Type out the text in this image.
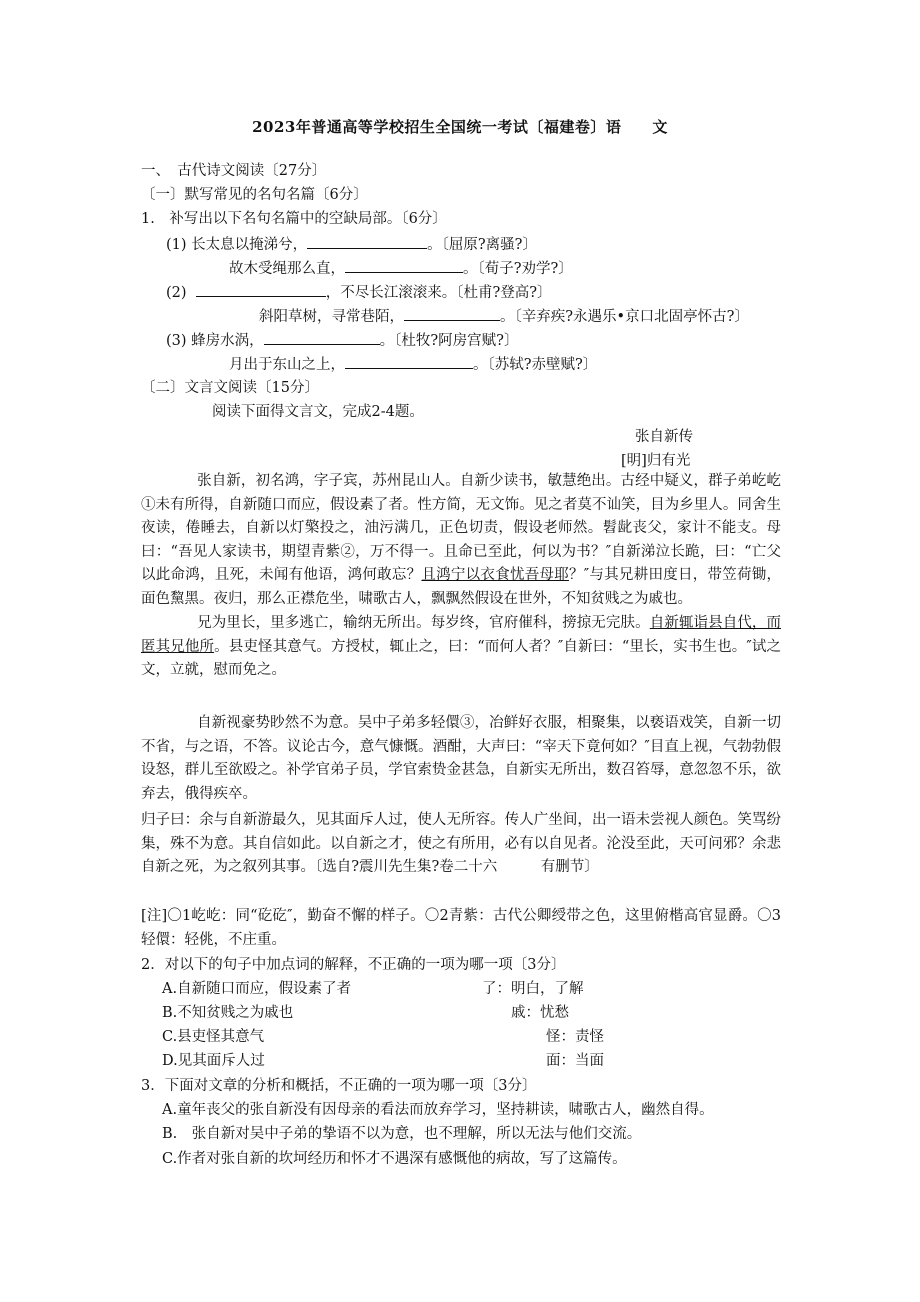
2023年普通高等学校招生全国统一考试〔福建卷〕语　　文
一、　古代诗文阅读〔27分〕
〔一〕默写常见的名句名篇〔6分〕
1.　补写出以下名句名篇中的空缺局部。〔6分〕
(1) 长太息以掩涕兮，	。〔屈原?离骚?〕
故木受绳那么直，	。〔荀子?劝学?〕
(2)	，不尽长江滚滚来。〔杜甫?登高?〕
斜阳草树，寻常巷陌，	。〔辛弃疾?永遇乐•京口北固亭怀古?〕
(3) 蜂房水涡，	。〔杜牧?阿房宫赋?〕
月出于东山之上，	。〔苏轼?赤壁赋?〕
〔二〕文言文阅读〔15分〕
阅读下面得文言文，完成2-4题。
张自新传
[明]归有光
张自新，初名鸿，字子宾，苏州昆山人。自新少读书，敏慧绝出。古经中疑义，群子弟屹屹①未有所得，自新随口而应，假设素了者。性方简，无文饰。见之者莫不讪笑，目为乡里人。同舍生夜读，倦睡去，自新以灯檠投之，油污满几，正色切责，假设老师然。髫龀丧父，家计不能支。母曰：“吾见人家读书，期望青紫②，万不得一。且命已至此，何以为书？″自新涕泣长跪，曰：“亡父以此命鸿，且死，未闻有他语，鸿何敢忘？且鸿宁以衣食忧吾母耶？″与其兄耕田度日，带笠荷锄，面色黧黑。夜归，那么正襟危坐，啸歌古人，飘飘然假设在世外，不知贫贱之为戚也。
兄为里长，里多逃亡，输纳无所出。每岁终，官府催科，搒掠无完肤。自新辄诣县自代，而匿其兄他所。县吏怪其意气。方授杖，辄止之，曰：“而何人者？″自新曰：“里长，实书生也。″试之文，立就，慰而免之。
自新视豪势眇然不为意。吴中子弟多轻儇③，冶鲜好衣服，相聚集，以亵语戏笑，自新一切不省，与之语，不答。议论古今，意气慷慨。酒酣，大声曰：“宰天下竟何如？″目直上视，气勃勃假设怒，群儿至欲殴之。补学官弟子员，学官索贽金甚急，自新实无所出，数召笞辱，意忽忽不乐，欲弃去，俄得疾卒。
归子曰：余与自新游最久，见其面斥人过，使人无所容。传人广坐间，出一语未尝视人颜色。笑骂纷集，殊不为意。其自信如此。以自新之才，使之有所用，必有以自见者。沦没至此，天可问邪？余悲自新之死，为之叙列其事。〔选自?震川先生集?卷二十六　　　有删节〕
[注]〇1屹屹：同“矻矻″，勤奋不懈的样子。〇2青紫：古代公卿绶带之色，这里俯楷高官显爵。〇3轻儇：轻佻，不庄重。
2．对以下的句子中加点词的解释，不正确的一项为哪一项〔3分〕
A.自新随口而应，假设素了者	了：明白，了解
B.不知贫贱之为戚也	戚：忧愁
C.县吏怪其意气	怪：责怪
D.见其面斥人过	面：当面
3．下面对文章的分析和概括，不正确的一项为哪一项〔3分〕
A.童年丧父的张自新没有因母亲的看法而放弃学习，坚持耕读，啸歌古人，幽然自得。
B.　张自新对吴中子弟的挚语不以为意，也不理解，所以无法与他们交流。
C.作者对张自新的坎坷经历和怀才不遇深有感慨他的病故，写了这篇传。
